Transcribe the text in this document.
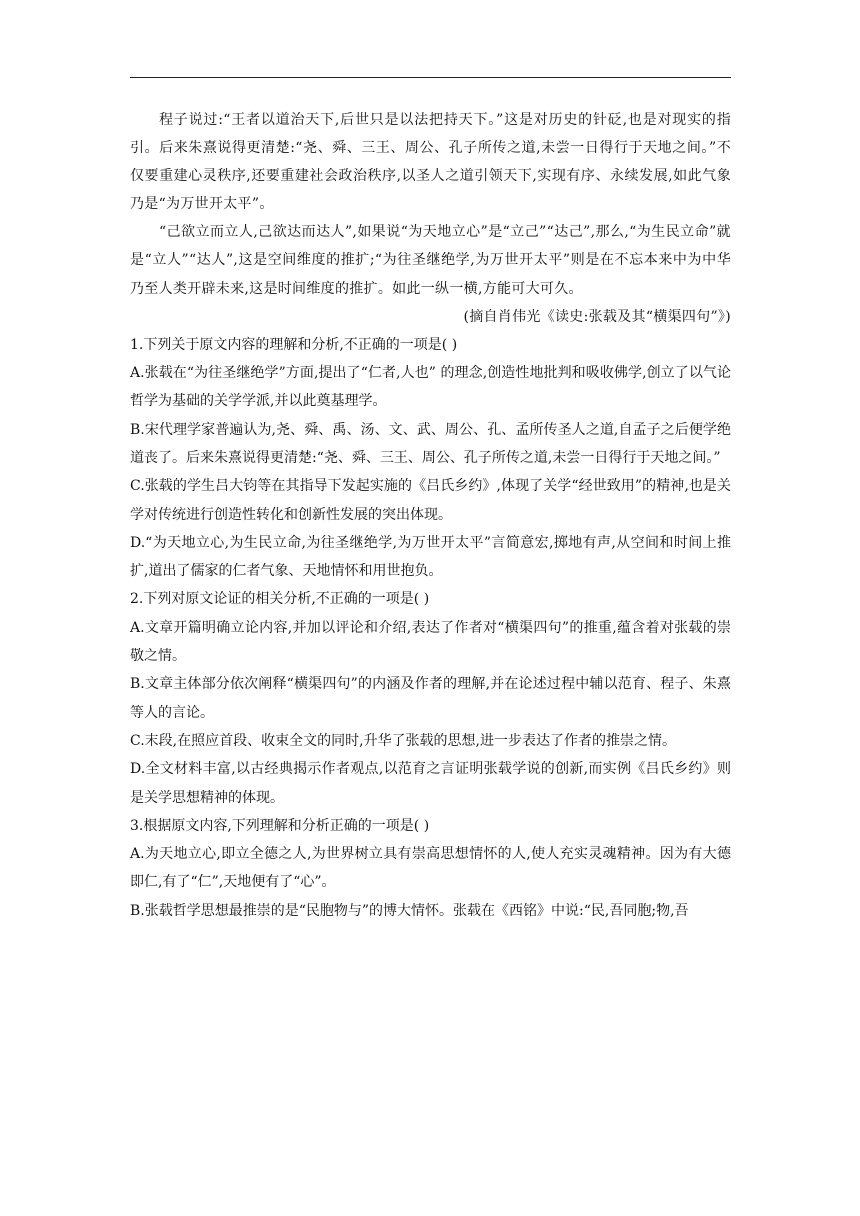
程子说过:“王者以道治天下,后世只是以法把持天下。”这是对历史的针砭,也是对现实的指引。后来朱熹说得更清楚:“尧、舜、三王、周公、孔子所传之道,未尝一日得行于天地之间。”不仅要重建心灵秩序,还要重建社会政治秩序,以圣人之道引领天下,实现有序、永续发展,如此气象乃是“为万世开太平”。

“己欲立而立人,己欲达而达人”,如果说“为天地立心”是“立己”“达己”,那么,“为生民立命”就是“立人”“达人”,这是空间维度的推扩;“为往圣继绝学,为万世开太平”则是在不忘本来中为中华乃至人类开辟未来,这是时间维度的推扩。如此一纵一横,方能可大可久。

(摘自肖伟光《读史:张载及其“横渠四句”》)

1.下列关于原文内容的理解和分析,不正确的一项是( )

A.张载在“为往圣继绝学”方面,提出了“仁者,人也” 的理念,创造性地批判和吸收佛学,创立了以气论哲学为基础的关学学派,并以此奠基理学。

B.宋代理学家普遍认为,尧、舜、禹、汤、文、武、周公、孔、孟所传圣人之道,自孟子之后便学绝道丧了。后来朱熹说得更清楚:“尧、舜、三王、周公、孔子所传之道,未尝一日得行于天地之间。”

C.张载的学生吕大钧等在其指导下发起实施的《吕氏乡约》,体现了关学“经世致用”的精神,也是关学对传统进行创造性转化和创新性发展的突出体现。

D.“为天地立心,为生民立命,为往圣继绝学,为万世开太平”言简意宏,掷地有声,从空间和时间上推扩,道出了儒家的仁者气象、天地情怀和用世抱负。

2.下列对原文论证的相关分析,不正确的一项是( )

A.文章开篇明确立论内容,并加以评论和介绍,表达了作者对“横渠四句”的推重,蕴含着对张载的崇敬之情。

B.文章主体部分依次阐释“横渠四句”的内涵及作者的理解,并在论述过程中辅以范育、程子、朱熹等人的言论。

C.末段,在照应首段、收束全文的同时,升华了张载的思想,进一步表达了作者的推崇之情。

D.全文材料丰富,以古经典揭示作者观点,以范育之言证明张载学说的创新,而实例《吕氏乡约》则是关学思想精神的体现。

3.根据原文内容,下列理解和分析正确的一项是( )

A.为天地立心,即立全德之人,为世界树立具有崇高思想情怀的人,使人充实灵魂精神。因为有大德即仁,有了“仁”,天地便有了“心”。

B.张载哲学思想最推崇的是“民胞物与”的博大情怀。张载在《西铭》中说:“民,吾同胞;物,吾
